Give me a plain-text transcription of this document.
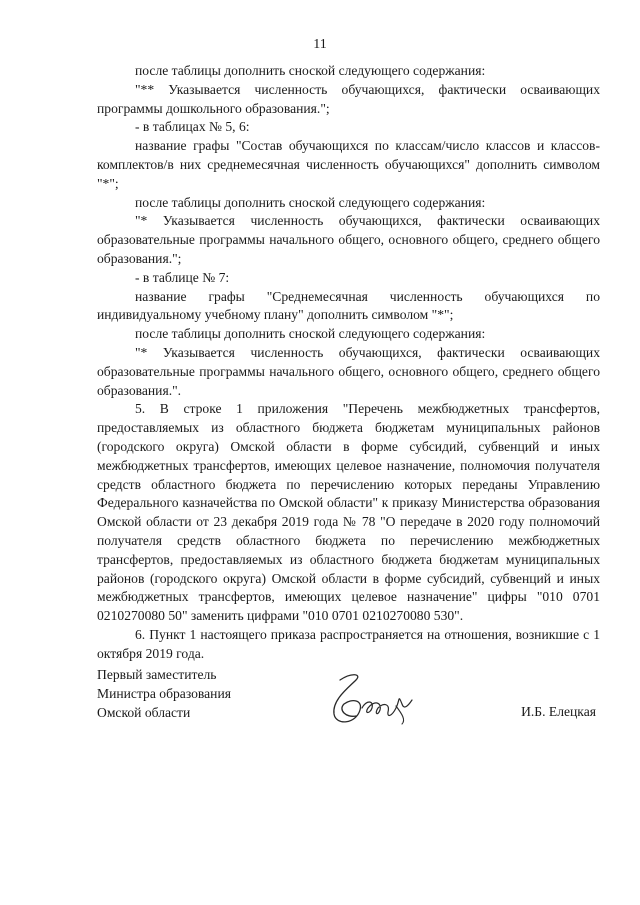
11

после таблицы дополнить сноской следующего содержания:

"** Указывается численность обучающихся, фактически осваивающих программы дошкольного образования.";

- в таблицах № 5, 6:

название графы "Состав обучающихся по классам/число классов и классов-комплектов/в них среднемесячная численность обучающихся" дополнить символом "*";

после таблицы дополнить сноской следующего содержания:

"* Указывается численность обучающихся, фактически осваивающих образовательные программы начального общего, основного общего, среднего общего образования.";

- в таблице № 7:

название графы "Среднемесячная численность обучающихся по индивидуальному учебному плану" дополнить символом "*";

после таблицы дополнить сноской следующего содержания:

"* Указывается численность обучающихся, фактически осваивающих образовательные программы начального общего, основного общего, среднего общего образования.".

5. В строке 1 приложения "Перечень межбюджетных трансфертов, предоставляемых из областного бюджета бюджетам муниципальных районов (городского округа) Омской области в форме субсидий, субвенций и иных межбюджетных трансфертов, имеющих целевое назначение, полномочия получателя средств областного бюджета по перечислению которых переданы Управлению Федерального казначейства по Омской области" к приказу Министерства образования Омской области от 23 декабря 2019 года № 78 "О передаче в 2020 году полномочий получателя средств областного бюджета по перечислению межбюджетных трансфертов, предоставляемых из областного бюджета бюджетам муниципальных районов (городского округа) Омской области в форме субсидий, субвенций и иных межбюджетных трансфертов, имеющих целевое назначение" цифры "010 0701 0210270080 50" заменить цифрами "010 0701 0210270080 530".

6. Пункт 1 настоящего приказа распространяется на отношения, возникшие с 1 октября 2019 года.

Первый заместитель
Министра образования
Омской области	И.Б. Елецкая
